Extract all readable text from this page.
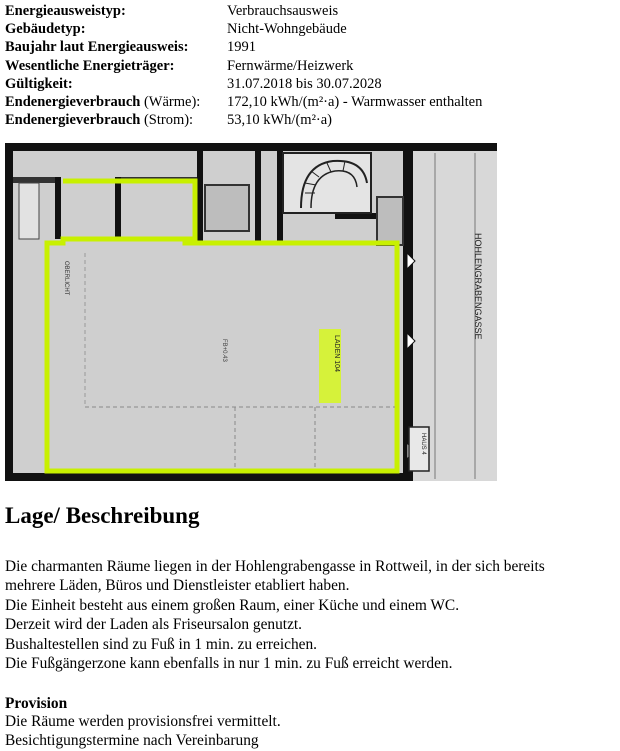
Energieausweistyp:	Verbrauchsausweis
Gebäudetyp:	Nicht-Wohngebäude
Baujahr laut Energieausweis:	1991
Wesentliche Energieträger:	Fernwärme/Heizwerk
Gültigkeit:	31.07.2018 bis 30.07.2028
Endenergieverbrauch (Wärme):	172,10 kWh/(m²·a) - Warmwasser enthalten
Endenergieverbrauch (Strom):	53,10 kWh/(m²·a)
HOHLENGRABENGASSE
LADEN 104
FB+0.43
OBERLICHT
HAUS 4
Lage/ Beschreibung

Die charmanten Räume liegen in der Hohlengrabengasse in Rottweil, in der sich bereits

mehrere Läden, Büros und Dienstleister etabliert haben.

Die Einheit besteht aus einem großen Raum, einer Küche und einem WC.

Derzeit wird der Laden als Friseursalon genutzt.

Bushaltestellen sind zu Fuß in 1 min. zu erreichen.

Die Fußgängerzone kann ebenfalls in nur 1 min. zu Fuß erreicht werden.

Provision

Die Räume werden provisionsfrei vermittelt.

Besichtigungstermine nach Vereinbarung
